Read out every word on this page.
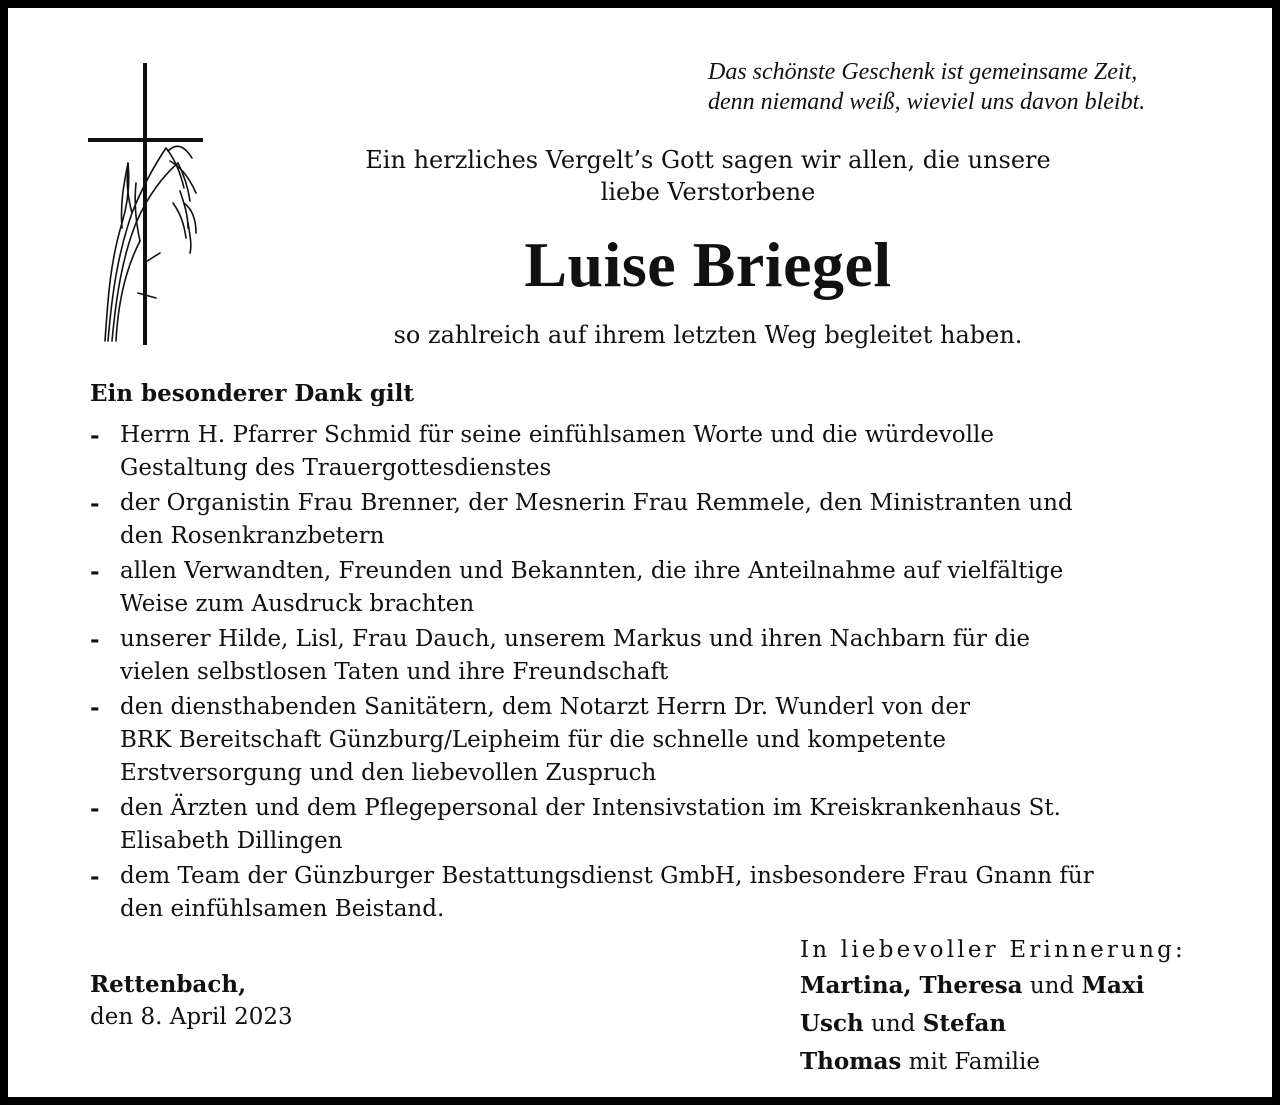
Das schönste Geschenk ist gemeinsame Zeit,
denn niemand weiß, wieviel uns davon bleibt.
Ein herzliches Vergelt’s Gott sagen wir allen, die unsere
liebe Verstorbene
Luise Briegel
so zahlreich auf ihrem letzten Weg begleitet haben.
Ein besonderer Dank gilt
- Herrn H. Pfarrer Schmid für seine einfühlsamen Worte und die würdevolle
Gestaltung des Trauergottesdienstes
- der Organistin Frau Brenner, der Mesnerin Frau Remmele, den Ministranten und
den Rosenkranzbetern
- allen Verwandten, Freunden und Bekannten, die ihre Anteilnahme auf vielfältige
Weise zum Ausdruck brachten
- unserer Hilde, Lisl, Frau Dauch, unserem Markus und ihren Nachbarn für die
vielen selbstlosen Taten und ihre Freundschaft
- den diensthabenden Sanitätern, dem Notarzt Herrn Dr. Wunderl von der
BRK Bereitschaft Günzburg/Leipheim für die schnelle und kompetente
Erstversorgung und den liebevollen Zuspruch
- den Ärzten und dem Pflegepersonal der Intensivstation im Kreiskrankenhaus St.
Elisabeth Dillingen
- dem Team der Günzburger Bestattungsdienst GmbH, insbesondere Frau Gnann für
den einfühlsamen Beistand.
Rettenbach,
den 8. April 2023
In liebevoller Erinnerung:
Martina, Theresa und Maxi
Usch und Stefan
Thomas mit Familie
